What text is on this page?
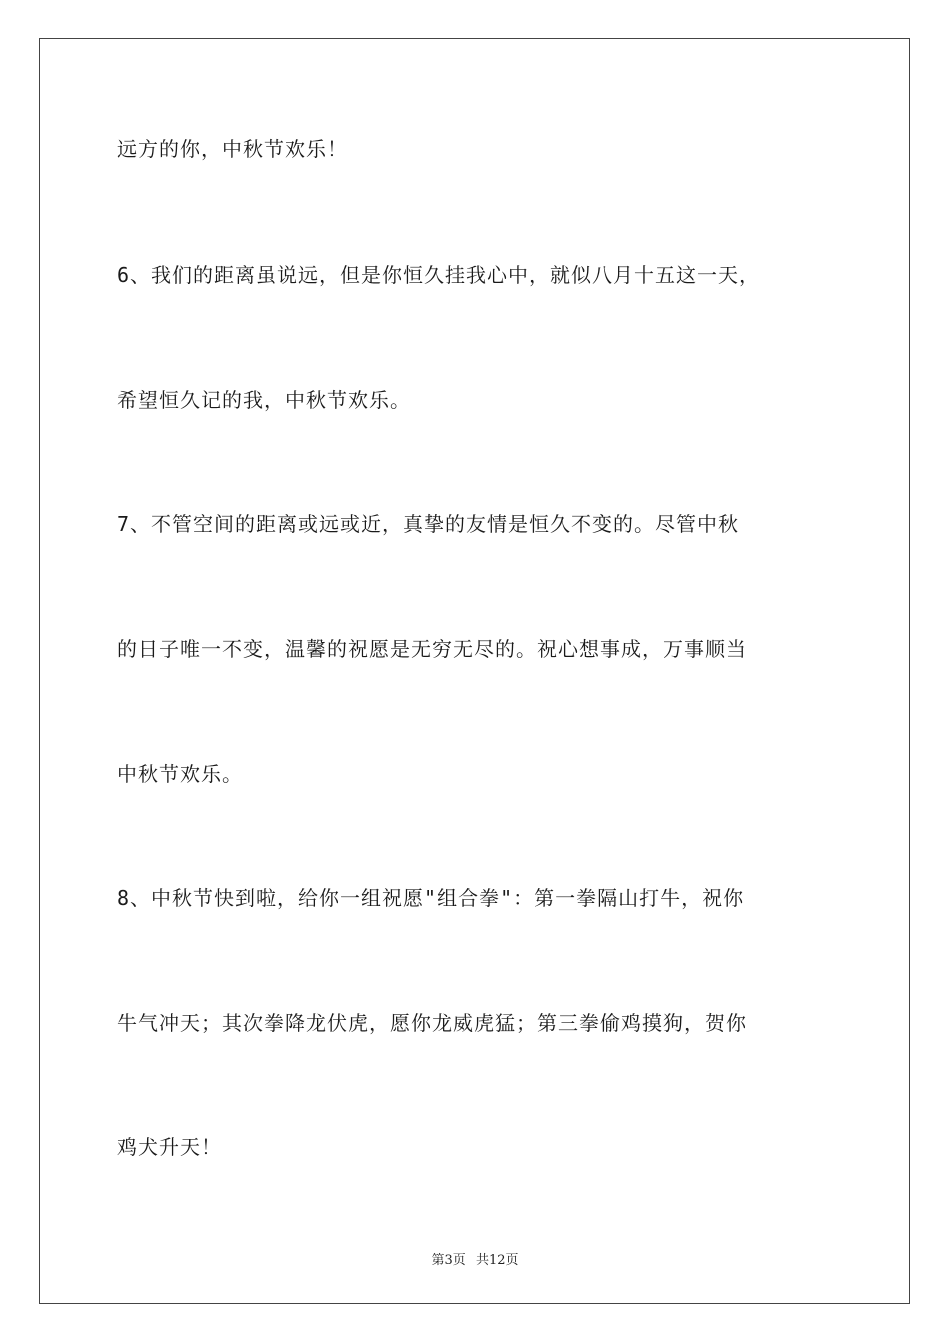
远方的你，中秋节欢乐！

6、我们的距离虽说远，但是你恒久挂我心中，就似八月十五这一天，

希望恒久记的我，中秋节欢乐。

7、不管空间的距离或远或近，真挚的友情是恒久不变的。尽管中秋

的日子唯一不变，温馨的祝愿是无穷无尽的。祝心想事成，万事顺当

中秋节欢乐。

8、中秋节快到啦，给你一组祝愿"组合拳"：第一拳隔山打牛，祝你

牛气冲天；其次拳降龙伏虎，愿你龙威虎猛；第三拳偷鸡摸狗，贺你

鸡犬升天！

第3页 共12页
